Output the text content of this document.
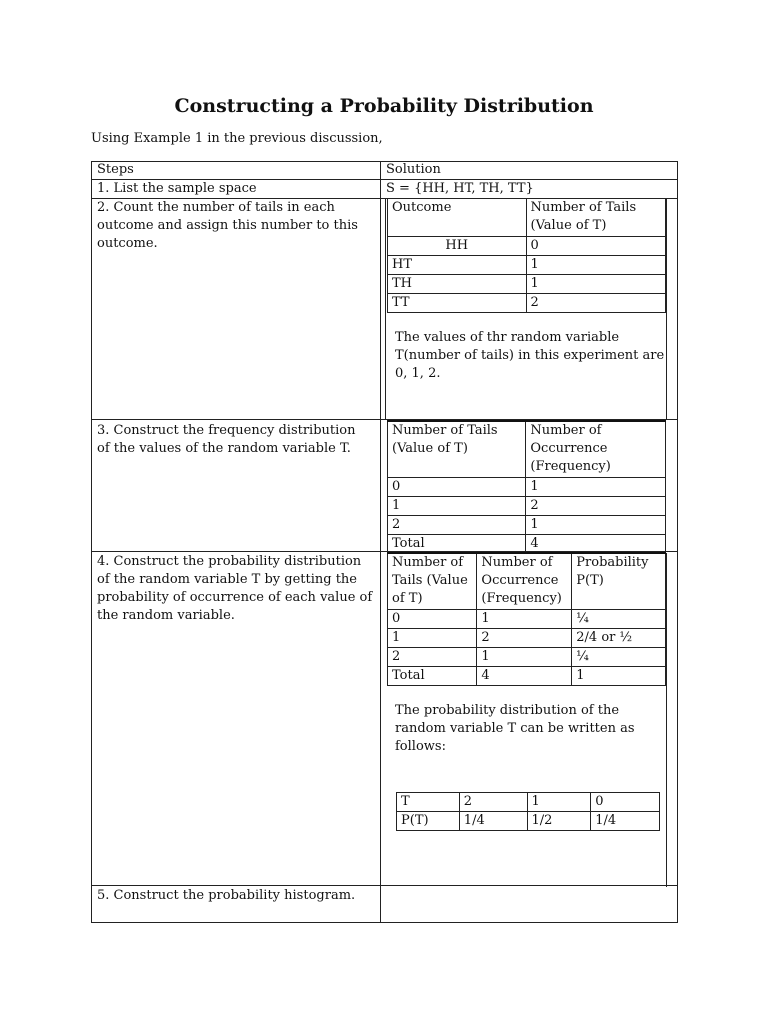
Constructing a Probability Distribution
Using Example 1 in the previous discussion,
Steps	Solution
1. List the sample space	S = {HH, HT, TH, TT}
2. Count the number of tails in each outcome and assign this number to this outcome.
Outcome	Number of Tails (Value of T)
HH	0
HT	1
TH	1
TT	2
The values of thr random variable T(number of tails) in this experiment are 0, 1, 2.
3. Construct the frequency distribution of the values of the random variable T.
Number of Tails (Value of T)	Number of Occurrence (Frequency)
0	1
1	2
2	1
Total	4
4. Construct the probability distribution of the random variable T by getting the probability of occurrence of each value of the random variable.
Number of Tails (Value of T)	Number of Occurrence (Frequency)	Probability P(T)
0	1	¼
1	2	2/4 or ½
2	1	¼
Total	4	1
The probability distribution of the random variable T can be written as follows:
T	2	1	0
P(T)	1/4	1/2	1/4
5. Construct the probability histogram.
